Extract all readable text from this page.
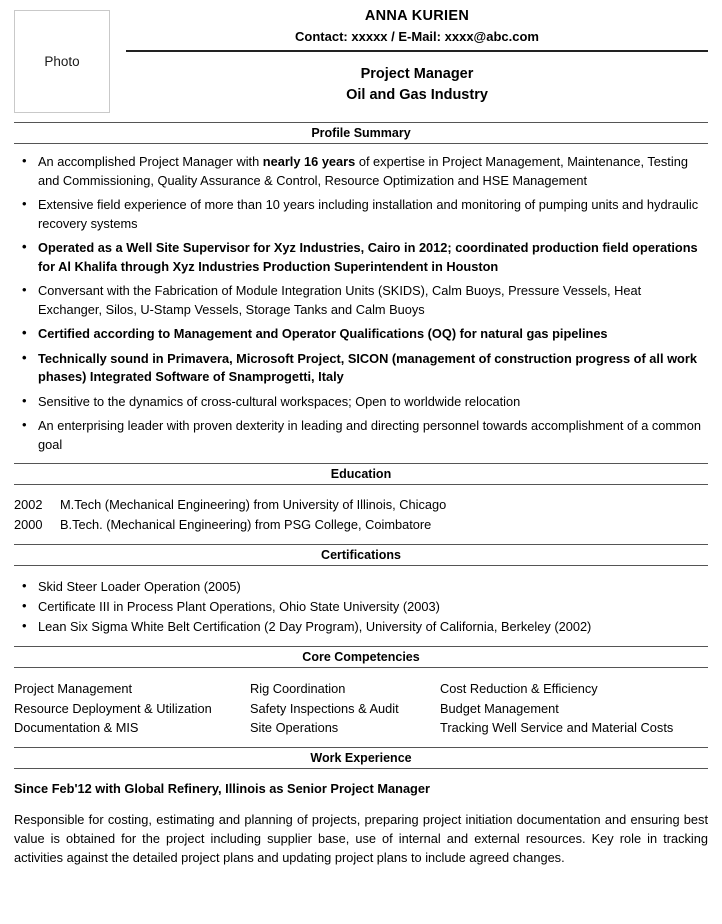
Photo
ANNA KURIEN
Contact: xxxxx / E-Mail: xxxx@abc.com
Project Manager
Oil and Gas Industry
Profile Summary
• An accomplished Project Manager with nearly 16 years of expertise in Project Management, Maintenance, Testing and Commissioning, Quality Assurance & Control, Resource Optimization and HSE Management
• Extensive field experience of more than 10 years including installation and monitoring of pumping units and hydraulic recovery systems
• Operated as a Well Site Supervisor for Xyz Industries, Cairo in 2012; coordinated production field operations for Al Khalifa through Xyz Industries Production Superintendent in Houston
• Conversant with the Fabrication of Module Integration Units (SKIDS), Calm Buoys, Pressure Vessels, Heat Exchanger, Silos, U-Stamp Vessels, Storage Tanks and Calm Buoys
• Certified according to Management and Operator Qualifications (OQ) for natural gas pipelines
• Technically sound in Primavera, Microsoft Project, SICON (management of construction progress of all work phases) Integrated Software of Snamprogetti, Italy
• Sensitive to the dynamics of cross-cultural workspaces; Open to worldwide relocation
• An enterprising leader with proven dexterity in leading and directing personnel towards accomplishment of a common goal
Education
2002	M.Tech (Mechanical Engineering) from University of Illinois, Chicago
2000	B.Tech. (Mechanical Engineering) from PSG College, Coimbatore
Certifications
• Skid Steer Loader Operation (2005)
• Certificate III in Process Plant Operations, Ohio State University (2003)
• Lean Six Sigma White Belt Certification (2 Day Program), University of California, Berkeley (2002)
Core Competencies
Project Management
Resource Deployment & Utilization
Documentation & MIS
Rig Coordination
Safety Inspections & Audit
Site Operations
Cost Reduction & Efficiency
Budget Management
Tracking Well Service and Material Costs
Work Experience
Since Feb'12 with Global Refinery, Illinois as Senior Project Manager
Responsible for costing, estimating and planning of projects, preparing project initiation documentation and ensuring best value is obtained for the project including supplier base, use of internal and external resources. Key role in tracking activities against the detailed project plans and updating project plans to include agreed changes.
